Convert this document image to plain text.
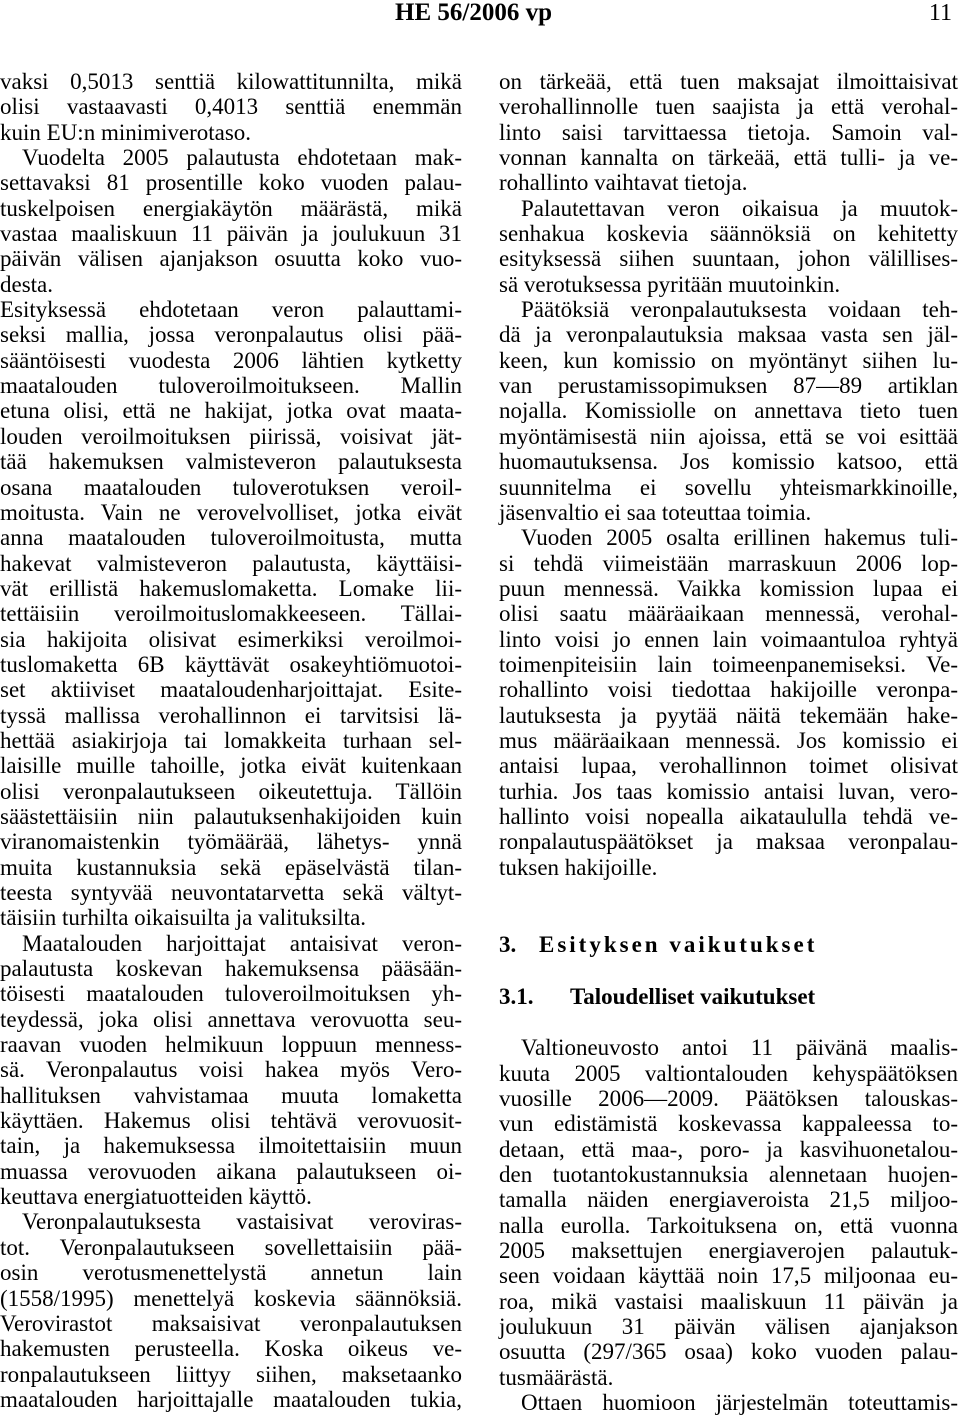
HE 56/2006 vp	11
vaksi 0,5013 senttiä kilowattitunnilta, mikä
olisi vastaavasti 0,4013 senttiä enemmän
kuin EU:n minimiverotaso.
Vuodelta 2005 palautusta ehdotetaan mak-
settavaksi 81 prosentille koko vuoden palau-
tuskelpoisen energiakäytön määrästä, mikä
vastaa maaliskuun 11 päivän ja joulukuun 31
päivän välisen ajanjakson osuutta koko vuo-
desta.
Esityksessä ehdotetaan veron palauttami-
seksi mallia, jossa veronpalautus olisi pää-
sääntöisesti vuodesta 2006 lähtien kytketty
maatalouden tuloveroilmoitukseen. Mallin
etuna olisi, että ne hakijat, jotka ovat maata-
louden veroilmoituksen piirissä, voisivat jät-
tää hakemuksen valmisteveron palautuksesta
osana maatalouden tuloverotuksen veroil-
moitusta. Vain ne verovelvolliset, jotka eivät
anna maatalouden tuloveroilmoitusta, mutta
hakevat valmisteveron palautusta, käyttäisi-
vät erillistä hakemuslomaketta. Lomake lii-
tettäisiin veroilmoituslomakkeeseen. Tällai-
sia hakijoita olisivat esimerkiksi veroilmoi-
tuslomaketta 6B käyttävät osakeyhtiömuotoi-
set aktiiviset maataloudenharjoittajat. Esite-
tyssä mallissa verohallinnon ei tarvitsisi lä-
hettää asiakirjoja tai lomakkeita turhaan sel-
laisille muille tahoille, jotka eivät kuitenkaan
olisi veronpalautukseen oikeutettuja. Tällöin
säästettäisiin niin palautuksenhakijoiden kuin
viranomaistenkin työmäärää, lähetys- ynnä
muita kustannuksia sekä epäselvästä tilan-
teesta syntyvää neuvontatarvetta sekä vältyt-
täisiin turhilta oikaisuilta ja valituksilta.
Maatalouden harjoittajat antaisivat veron-
palautusta koskevan hakemuksensa pääsään-
töisesti maatalouden tuloveroilmoituksen yh-
teydessä, joka olisi annettava verovuotta seu-
raavan vuoden helmikuun loppuun menness-
sä. Veronpalautus voisi hakea myös Vero-
hallituksen vahvistamaa muuta lomaketta
käyttäen. Hakemus olisi tehtävä verovuosit-
tain, ja hakemuksessa ilmoitettaisiin muun
muassa verovuoden aikana palautukseen oi-
keuttava energiatuotteiden käyttö.
Veronpalautuksesta vastaisivat veroviras-
tot. Veronpalautukseen sovellettaisiin pää-
osin verotusmenettelystä annetun lain
(1558/1995) menettelyä koskevia säännöksiä.
Verovirastot maksaisivat veronpalautuksen
hakemusten perusteella. Koska oikeus ve-
ronpalautukseen liittyy siihen, maksetaanko
maatalouden harjoittajalle maatalouden tukia,
on tärkeää, että tuen maksajat ilmoittaisivat
verohallinnolle tuen saajista ja että verohal-
linto saisi tarvittaessa tietoja. Samoin val-
vonnan kannalta on tärkeää, että tulli- ja ve-
rohallinto vaihtavat tietoja.
Palautettavan veron oikaisua ja muutok-
senhakua koskevia säännöksiä on kehitetty
esityksessä siihen suuntaan, johon välillises-
sä verotuksessa pyritään muutoinkin.
Päätöksiä veronpalautuksesta voidaan teh-
dä ja veronpalautuksia maksaa vasta sen jäl-
keen, kun komissio on myöntänyt siihen lu-
van perustamissopimuksen 87—89 artiklan
nojalla. Komissiolle on annettava tieto tuen
myöntämisestä niin ajoissa, että se voi esittää
huomautuksensa. Jos komissio katsoo, että
suunnitelma ei sovellu yhteismarkkinoille,
jäsenvaltio ei saa toteuttaa toimia.
Vuoden 2005 osalta erillinen hakemus tuli-
si tehdä viimeistään marraskuun 2006 lop-
puun mennessä. Vaikka komission lupaa ei
olisi saatu määräaikaan mennessä, verohal-
linto voisi jo ennen lain voimaantuloa ryhtyä
toimenpiteisiin lain toimeenpanemiseksi. Ve-
rohallinto voisi tiedottaa hakijoille veronpa-
lautuksesta ja pyytää näitä tekemään hake-
mus määräaikaan mennessä. Jos komissio ei
antaisi lupaa, verohallinnon toimet olisivat
turhia. Jos taas komissio antaisi luvan, vero-
hallinto voisi nopealla aikataululla tehdä ve-
ronpalautuspäätökset ja maksaa veronpalau-
tuksen hakijoille.
3. Esityksen vaikutukset
3.1. Taloudelliset vaikutukset
Valtioneuvosto antoi 11 päivänä maalis-
kuuta 2005 valtiontalouden kehyspäätöksen
vuosille 2006—2009. Päätöksen talouskas-
vun edistämistä koskevassa kappaleessa to-
detaan, että maa-, poro- ja kasvihuonetalou-
den tuotantokustannuksia alennetaan huojen-
tamalla näiden energiaveroista 21,5 miljoo-
nalla eurolla. Tarkoituksena on, että vuonna
2005 maksettujen energiaverojen palautuk-
seen voidaan käyttää noin 17,5 miljoonaa eu-
roa, mikä vastaisi maaliskuun 11 päivän ja
joulukuun 31 päivän välisen ajanjakson
osuutta (297/365 osaa) koko vuoden palau-
tusmäärästä.
Ottaen huomioon järjestelmän toteuttamis-
